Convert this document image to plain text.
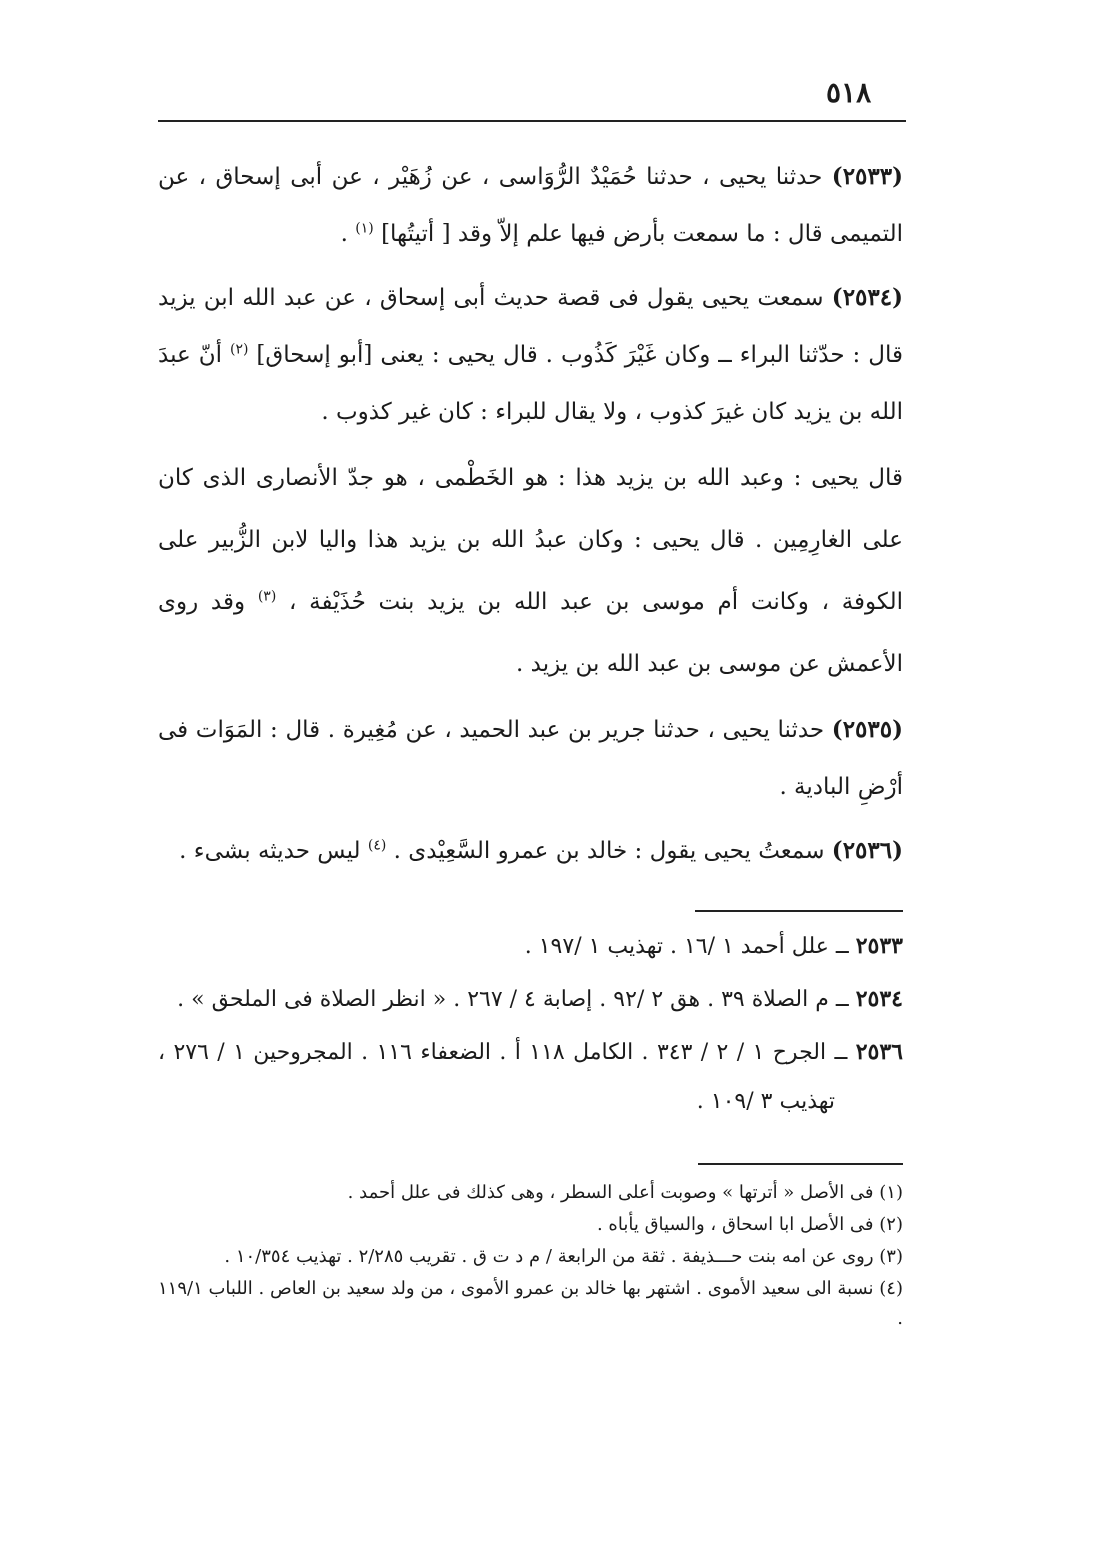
٥١٨

(٢٥٣٣) حدثنا يحيى ، حدثنا حُمَيْدٌ الرُّوَاسى ، عن زُهَيْر ، عن أبى إسحاق ، عن التميمى قال : ما سمعت بأرض فيها علم إلاّ وقد [ أتيتُها] $^{(١)}$ .

(٢٥٣٤) سمعت يحيى يقول فى قصة حديث أبى إسحاق ، عن عبد الله ابن يزيد قال : حدّثنا البراء ــ وكان غَيْرَ كَذُوب . قال يحيى : يعنى [أبو إسحاق] $^{(٢)}$ أنّ عبدَ الله بن يزيد كان غيرَ كذوب ، ولا يقال للبراء : كان غير كذوب .

قال يحيى : وعبد الله بن يزيد هذا : هو الخَطْمى ، هو جدّ الأنصارى الذى كان على الغارِمِين . قال يحيى : وكان عبدُ الله بن يزيد هذا واليا لابن الزُّبير على الكوفة ، وكانت أم موسى بن عبد الله بن يزيد بنت حُذَيْفة ، $^{(٣)}$ وقد روى الأعمش عن موسى بن عبد الله بن يزيد .

(٢٥٣٥) حدثنا يحيى ، حدثنا جرير بن عبد الحميد ، عن مُغِيرة . قال : المَوَات فى أرْضِ البادية .

(٢٥٣٦) سمعتُ يحيى يقول : خالد بن عمرو السَّعِيْدى . $^{(٤)}$ ليس حديثه بشىء .

٢٥٣٣ ــ علل أحمد ١ /١٦ . تهذيب ١ /١٩٧ .

٢٥٣٤ ــ م الصلاة ٣٩ . هق ٢ /٩٢ . إصابة ٤ / ٢٦٧ . « انظر الصلاة فى الملحق » .

٢٥٣٦ ــ الجرح ١ / ٢ / ٣٤٣ . الكامل ١١٨ أ . الضعفاء ١١٦ . المجروحين ١ / ٢٧٦ ، تهذيب ٣ /١٠٩ .

(١) فى الأصل « أترتها » وصوبت أعلى السطر ، وهى كذلك فى علل أحمد .

(٢) فى الأصل ابا اسحاق ، والسياق يأباه .

(٣) روى عن امه بنت حـــذيفة . ثقة من الرابعة / م د ت ق . تقريب ٢/٢٨٥ . تهذيب ١٠/٣٥٤ .

(٤) نسبة الى سعيد الأموى . اشتهر بها خالد بن عمرو الأموى ، من ولد سعيد بن العاص . اللباب ١١٩/١ .
